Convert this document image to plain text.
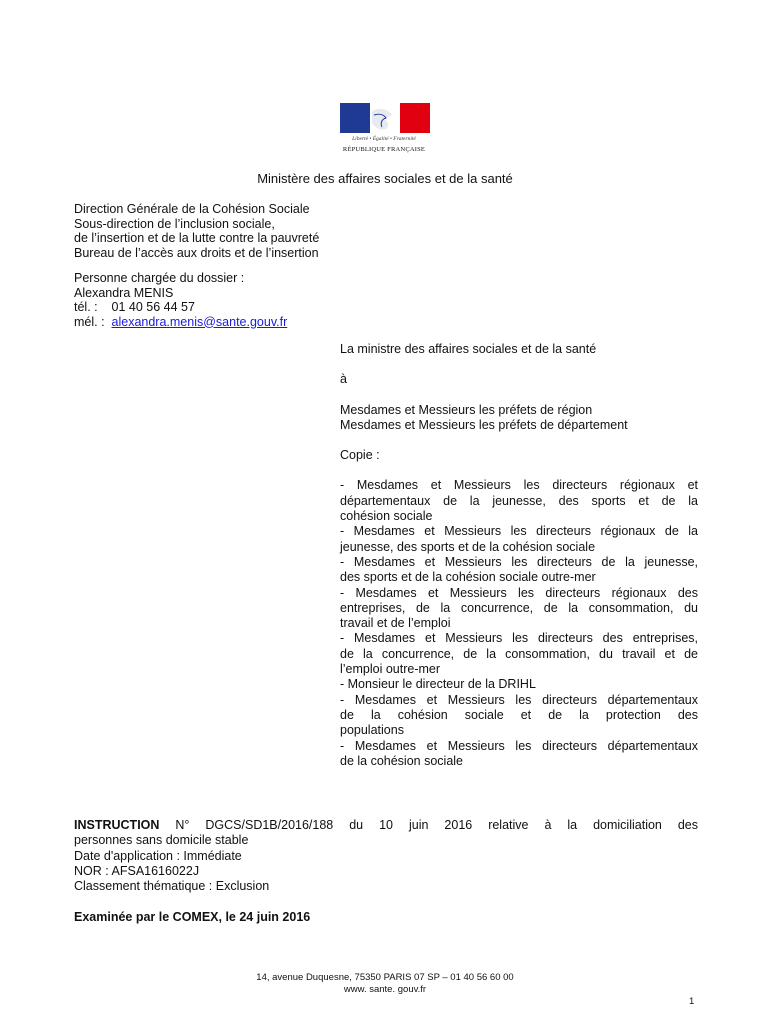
Liberté • Égalité • Fraternité
RÉPUBLIQUE FRANÇAISE
Ministère des affaires sociales et de la santé
Direction Générale de la Cohésion Sociale
Sous-direction de l’inclusion sociale,
de l’insertion et de la lutte contre la pauvreté
Bureau de l’accès aux droits et de l’insertion
Personne chargée du dossier :
Alexandra MENIS
tél. : 01 40 56 44 57
mél. : alexandra.menis@sante.gouv.fr
La ministre des affaires sociales et de la santé
à
Mesdames et Messieurs les préfets de région
Mesdames et Messieurs les préfets de département
Copie :
- Mesdames et Messieurs les directeurs régionaux et
départementaux de la jeunesse, des sports et de la
cohésion sociale
- Mesdames et Messieurs les directeurs régionaux de la
jeunesse, des sports et de la cohésion sociale
- Mesdames et Messieurs les directeurs de la jeunesse,
des sports et de la cohésion sociale outre-mer
- Mesdames et Messieurs les directeurs régionaux des
entreprises, de la concurrence, de la consommation, du
travail et de l’emploi
- Mesdames et Messieurs les directeurs des entreprises,
de la concurrence, de la consommation, du travail et de
l’emploi outre-mer
- Monsieur le directeur de la DRIHL
- Mesdames et Messieurs les directeurs départementaux
de la cohésion sociale et de la protection des
populations
- Mesdames et Messieurs les directeurs départementaux
de la cohésion sociale
INSTRUCTION N° DGCS/SD1B/2016/188 du 10 juin 2016 relative à la domiciliation des
personnes sans domicile stable
Date d'application : Immédiate
NOR : AFSA1616022J
Classement thématique : Exclusion
Examinée par le COMEX, le 24 juin 2016
14, avenue Duquesne, 75350 PARIS 07 SP – 01 40 56 60 00
www. sante. gouv.fr
1
